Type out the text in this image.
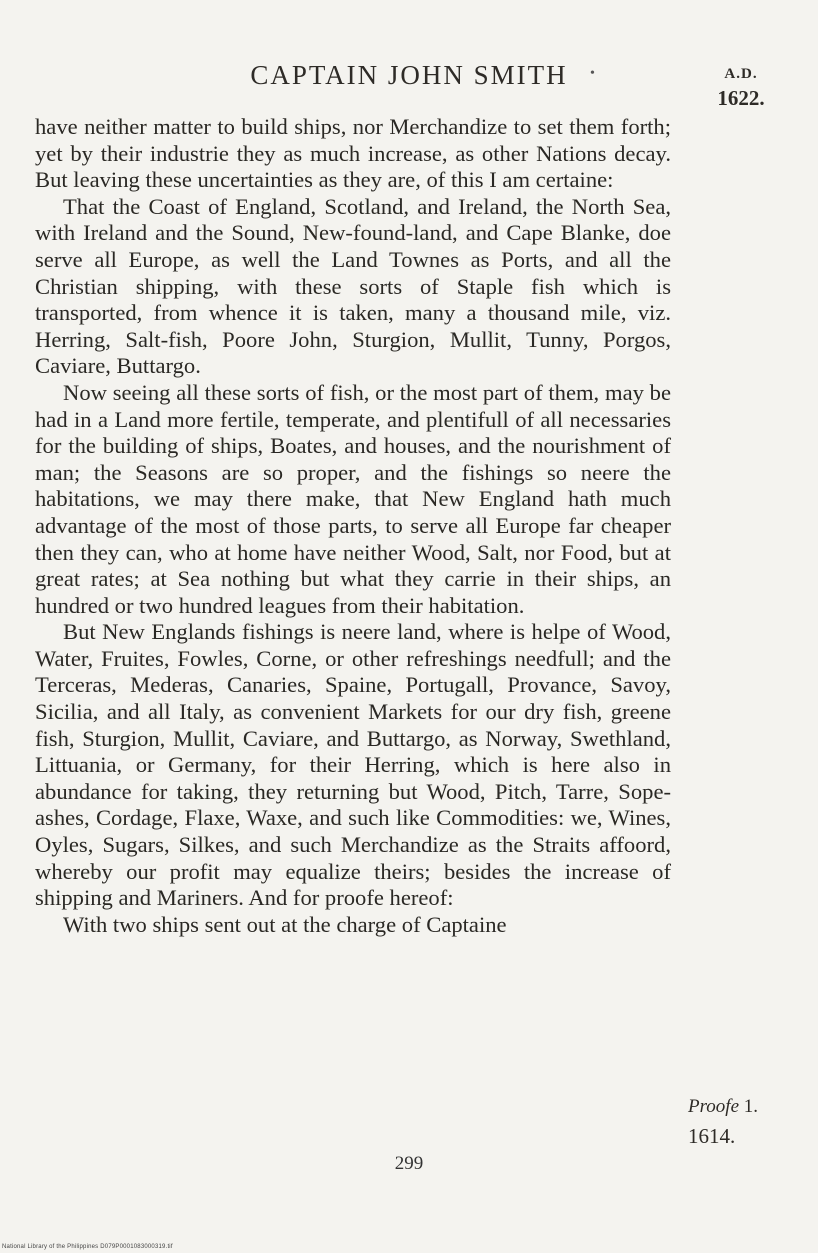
CAPTAIN JOHN SMITH	•	A.D.
1622.

have neither matter to build ships, nor Merchandize to set them forth; yet by their industrie they as much increase, as other Nations decay. But leaving these uncertainties as they are, of this I am certaine:

That the Coast of England, Scotland, and Ireland, the North Sea, with Ireland and the Sound, New-found-land, and Cape Blanke, doe serve all Europe, as well the Land Townes as Ports, and all the Christian shipping, with these sorts of Staple fish which is transported, from whence it is taken, many a thousand mile, viz. Herring, Salt-fish, Poore John, Sturgion, Mullit, Tunny, Porgos, Caviare, Buttargo.

Now seeing all these sorts of fish, or the most part of them, may be had in a Land more fertile, temperate, and plentifull of all necessaries for the building of ships, Boates, and houses, and the nourishment of man; the Seasons are so proper, and the fishings so neere the habitations, we may there make, that New England hath much advantage of the most of those parts, to serve all Europe far cheaper then they can, who at home have neither Wood, Salt, nor Food, but at great rates; at Sea nothing but what they carrie in their ships, an hundred or two hundred leagues from their habitation.

But New Englands fishings is neere land, where is helpe of Wood, Water, Fruites, Fowles, Corne, or other refreshings needfull; and the Terceras, Mederas, Canaries, Spaine, Portugall, Provance, Savoy, Sicilia, and all Italy, as convenient Markets for our dry fish, greene fish, Sturgion, Mullit, Caviare, and Buttargo, as Norway, Swethland, Littuania, or Germany, for their Herring, which is here also in abundance for taking, they returning but Wood, Pitch, Tarre, Sope-ashes, Cordage, Flaxe, Waxe, and such like Commodities: we, Wines, Oyles, Sugars, Silkes, and such Merchandize as the Straits affoord, whereby our profit may equalize theirs; besides the increase of shipping and Mariners. And for proofe hereof:

With two ships sent out at the charge of Captaine

Proofe 1.
1614.
299
National Library of the Philippines D079P0001083000319.tif
